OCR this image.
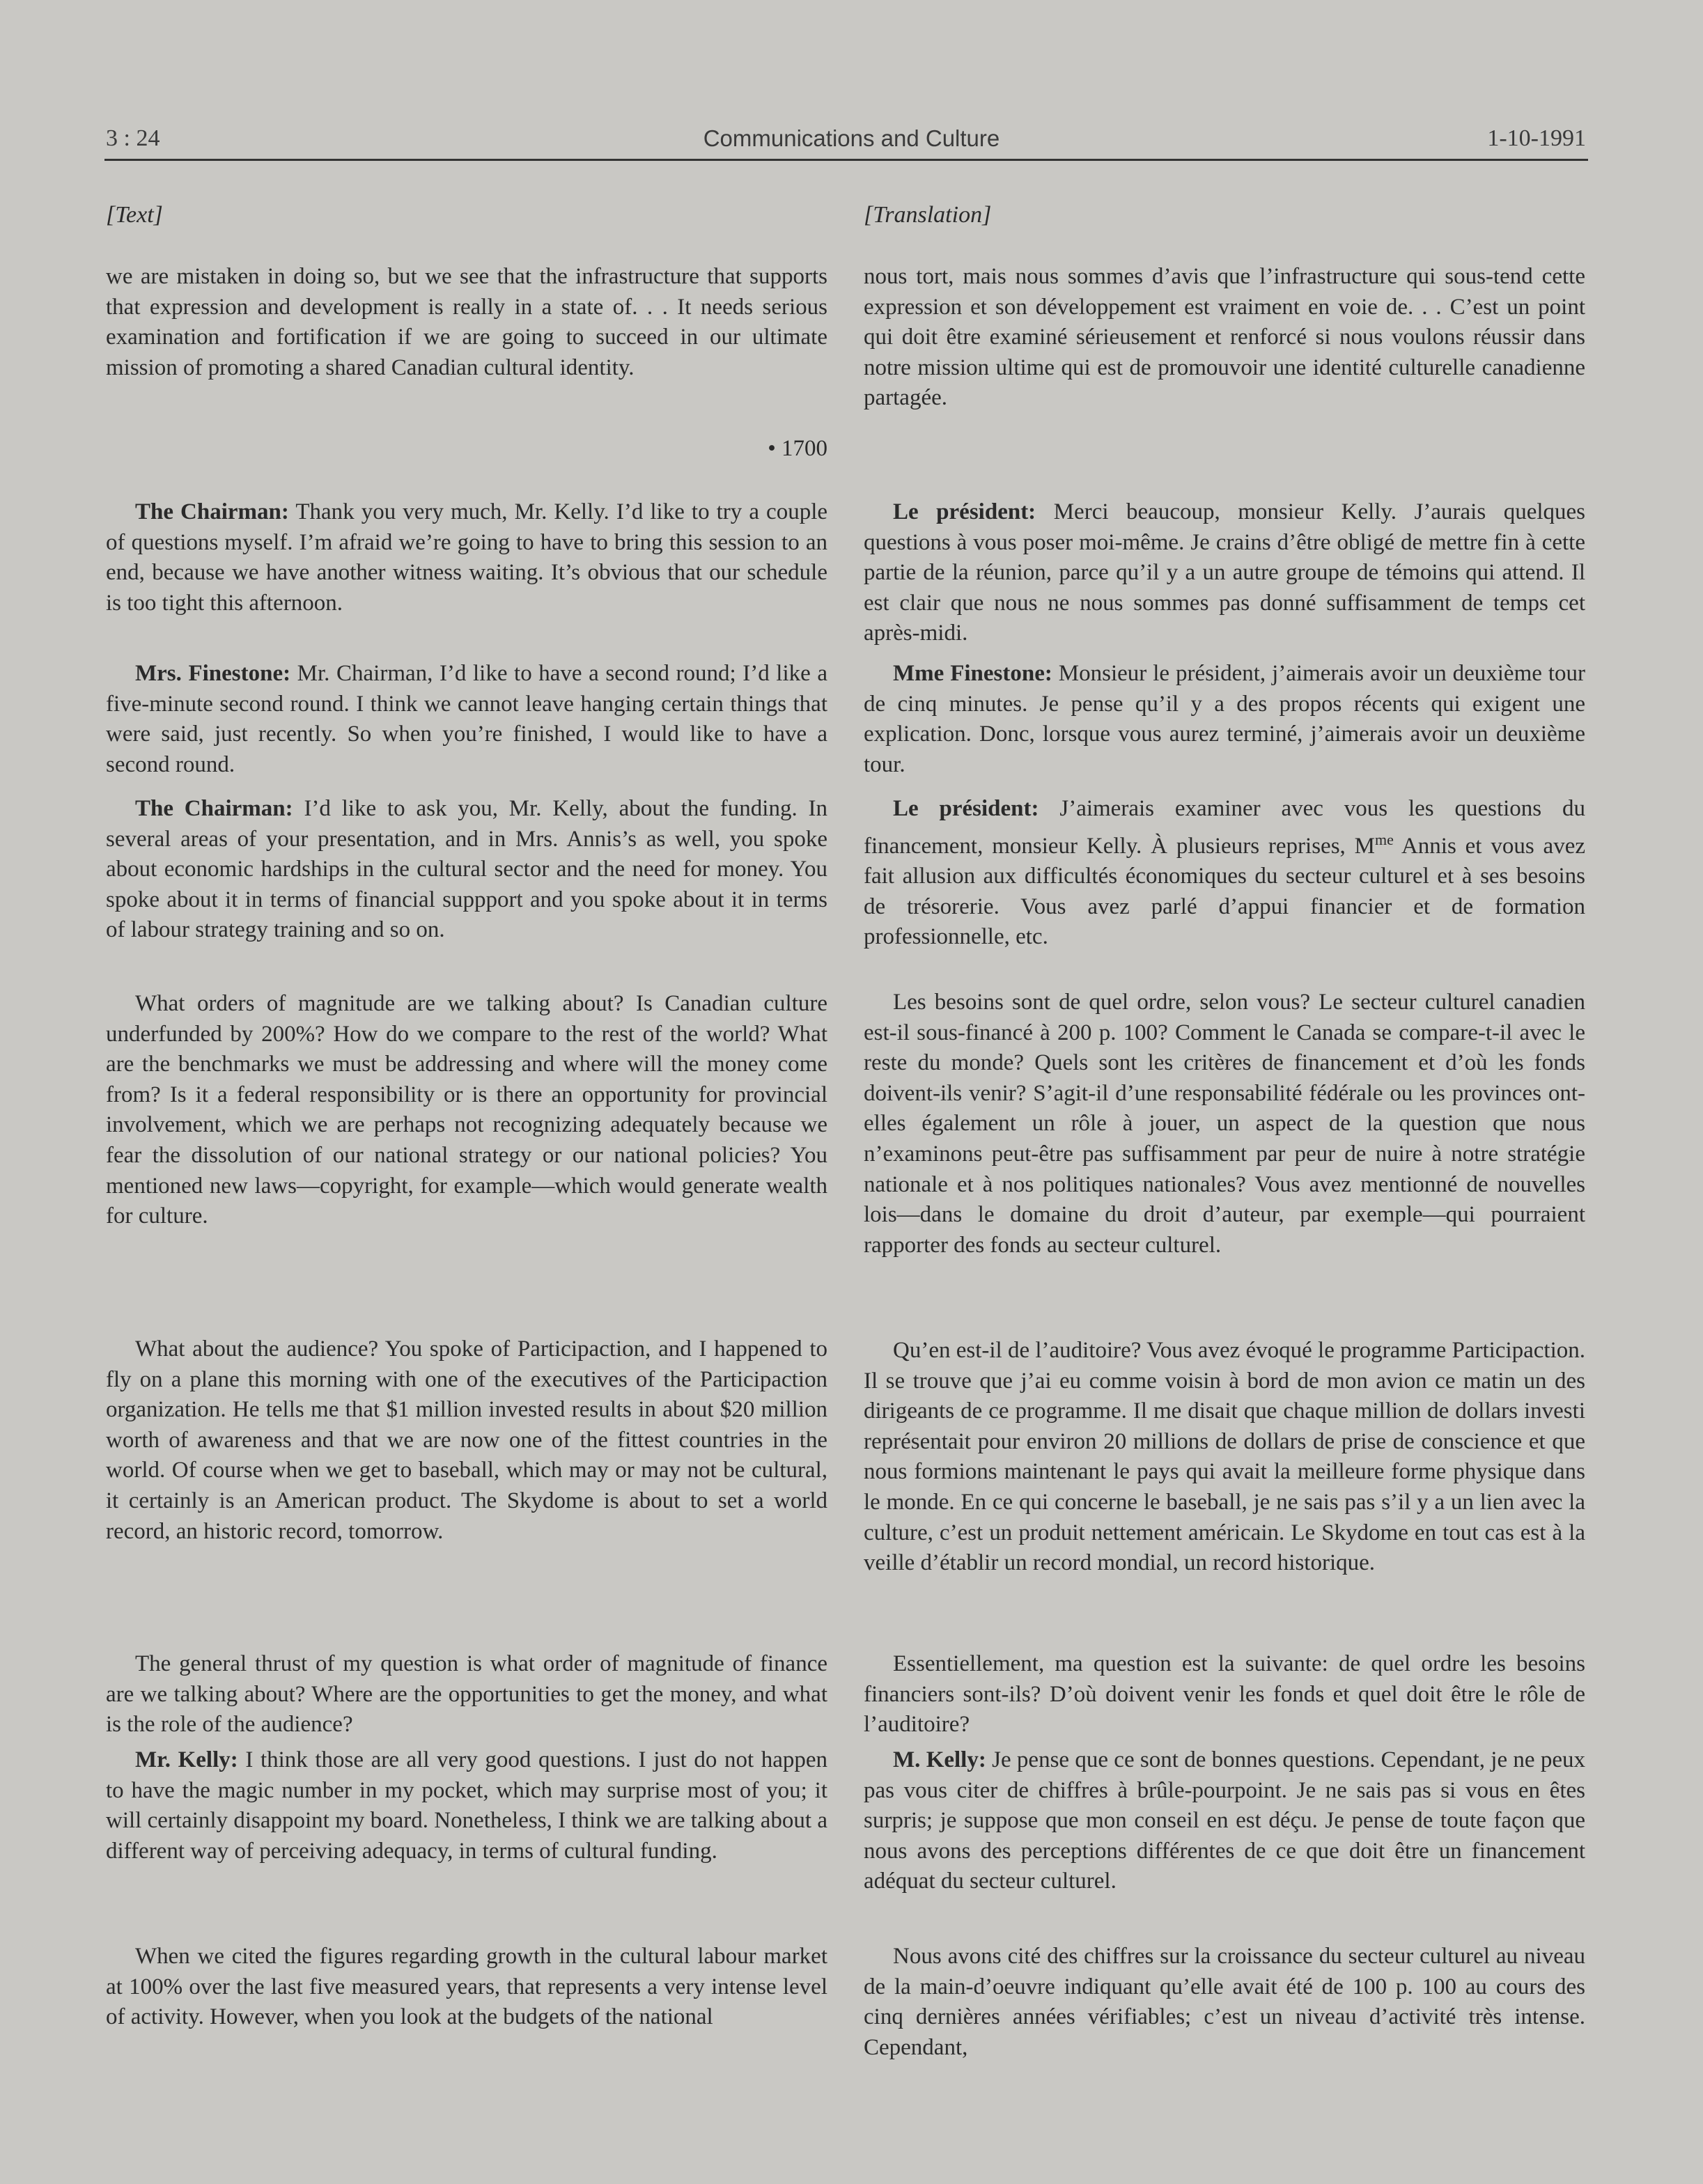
3 : 24	Communications and Culture	1-10-1991
[Text]

we are mistaken in doing so, but we see that the infrastructure that supports that expression and development is really in a state of. . . It needs serious examination and fortification if we are going to succeed in our ultimate mission of promoting a shared Canadian cultural identity.

• 1700

The Chairman: Thank you very much, Mr. Kelly. I’d like to try a couple of questions myself. I’m afraid we’re going to have to bring this session to an end, because we have another witness waiting. It’s obvious that our schedule is too tight this afternoon.

Mrs. Finestone: Mr. Chairman, I’d like to have a second round; I’d like a five-minute second round. I think we cannot leave hanging certain things that were said, just recently. So when you’re finished, I would like to have a second round.

The Chairman: I’d like to ask you, Mr. Kelly, about the funding. In several areas of your presentation, and in Mrs. Annis’s as well, you spoke about economic hardships in the cultural sector and the need for money. You spoke about it in terms of financial suppport and you spoke about it in terms of labour strategy training and so on.

What orders of magnitude are we talking about? Is Canadian culture underfunded by 200%? How do we compare to the rest of the world? What are the benchmarks we must be addressing and where will the money come from? Is it a federal responsibility or is there an opportunity for provincial involvement, which we are perhaps not recognizing adequately because we fear the dissolution of our national strategy or our national policies? You mentioned new laws—copyright, for example—which would generate wealth for culture.

What about the audience? You spoke of Participaction, and I happened to fly on a plane this morning with one of the executives of the Participaction organization. He tells me that $1 million invested results in about $20 million worth of awareness and that we are now one of the fittest countries in the world. Of course when we get to baseball, which may or may not be cultural, it certainly is an American product. The Skydome is about to set a world record, an historic record, tomorrow.

The general thrust of my question is what order of magnitude of finance are we talking about? Where are the opportunities to get the money, and what is the role of the audience?

Mr. Kelly: I think those are all very good questions. I just do not happen to have the magic number in my pocket, which may surprise most of you; it will certainly disappoint my board. Nonetheless, I think we are talking about a different way of perceiving adequacy, in terms of cultural funding.

When we cited the figures regarding growth in the cultural labour market at 100% over the last five measured years, that represents a very intense level of activity. However, when you look at the budgets of the national

[Translation]

nous tort, mais nous sommes d’avis que l’infrastructure qui sous-tend cette expression et son développement est vraiment en voie de. . . C’est un point qui doit être examiné sérieusement et renforcé si nous voulons réussir dans notre mission ultime qui est de promouvoir une identité culturelle canadienne partagée.

Le président: Merci beaucoup, monsieur Kelly. J’aurais quelques questions à vous poser moi-même. Je crains d’être obligé de mettre fin à cette partie de la réunion, parce qu’il y a un autre groupe de témoins qui attend. Il est clair que nous ne nous sommes pas donné suffisamment de temps cet après-midi.

Mme Finestone: Monsieur le président, j’aimerais avoir un deuxième tour de cinq minutes. Je pense qu’il y a des propos récents qui exigent une explication. Donc, lorsque vous aurez terminé, j’aimerais avoir un deuxième tour.

Le président: J’aimerais examiner avec vous les questions du financement, monsieur Kelly. À plusieurs reprises, $M^{me}$ Annis et vous avez fait allusion aux difficultés économiques du secteur culturel et à ses besoins de trésorerie. Vous avez parlé d’appui financier et de formation professionnelle, etc.

Les besoins sont de quel ordre, selon vous? Le secteur culturel canadien est-il sous-financé à 200 p. 100? Comment le Canada se compare-t-il avec le reste du monde? Quels sont les critères de financement et d’où les fonds doivent-ils venir? S’agit-il d’une responsabilité fédérale ou les provinces ont-elles également un rôle à jouer, un aspect de la question que nous n’examinons peut-être pas suffisamment par peur de nuire à notre stratégie nationale et à nos politiques nationales? Vous avez mentionné de nouvelles lois—dans le domaine du droit d’auteur, par exemple—qui pourraient rapporter des fonds au secteur culturel.

Qu’en est-il de l’auditoire? Vous avez évoqué le programme Participaction. Il se trouve que j’ai eu comme voisin à bord de mon avion ce matin un des dirigeants de ce programme. Il me disait que chaque million de dollars investi représentait pour environ 20 millions de dollars de prise de conscience et que nous formions maintenant le pays qui avait la meilleure forme physique dans le monde. En ce qui concerne le baseball, je ne sais pas s’il y a un lien avec la culture, c’est un produit nettement américain. Le Skydome en tout cas est à la veille d’établir un record mondial, un record historique.

Essentiellement, ma question est la suivante: de quel ordre les besoins financiers sont-ils? D’où doivent venir les fonds et quel doit être le rôle de l’auditoire?

M. Kelly: Je pense que ce sont de bonnes questions. Cependant, je ne peux pas vous citer de chiffres à brûle-pourpoint. Je ne sais pas si vous en êtes surpris; je suppose que mon conseil en est déçu. Je pense de toute façon que nous avons des perceptions différentes de ce que doit être un financement adéquat du secteur culturel.

Nous avons cité des chiffres sur la croissance du secteur culturel au niveau de la main-d’oeuvre indiquant qu’elle avait été de 100 p. 100 au cours des cinq dernières années vérifiables; c’est un niveau d’activité très intense. Cependant,
